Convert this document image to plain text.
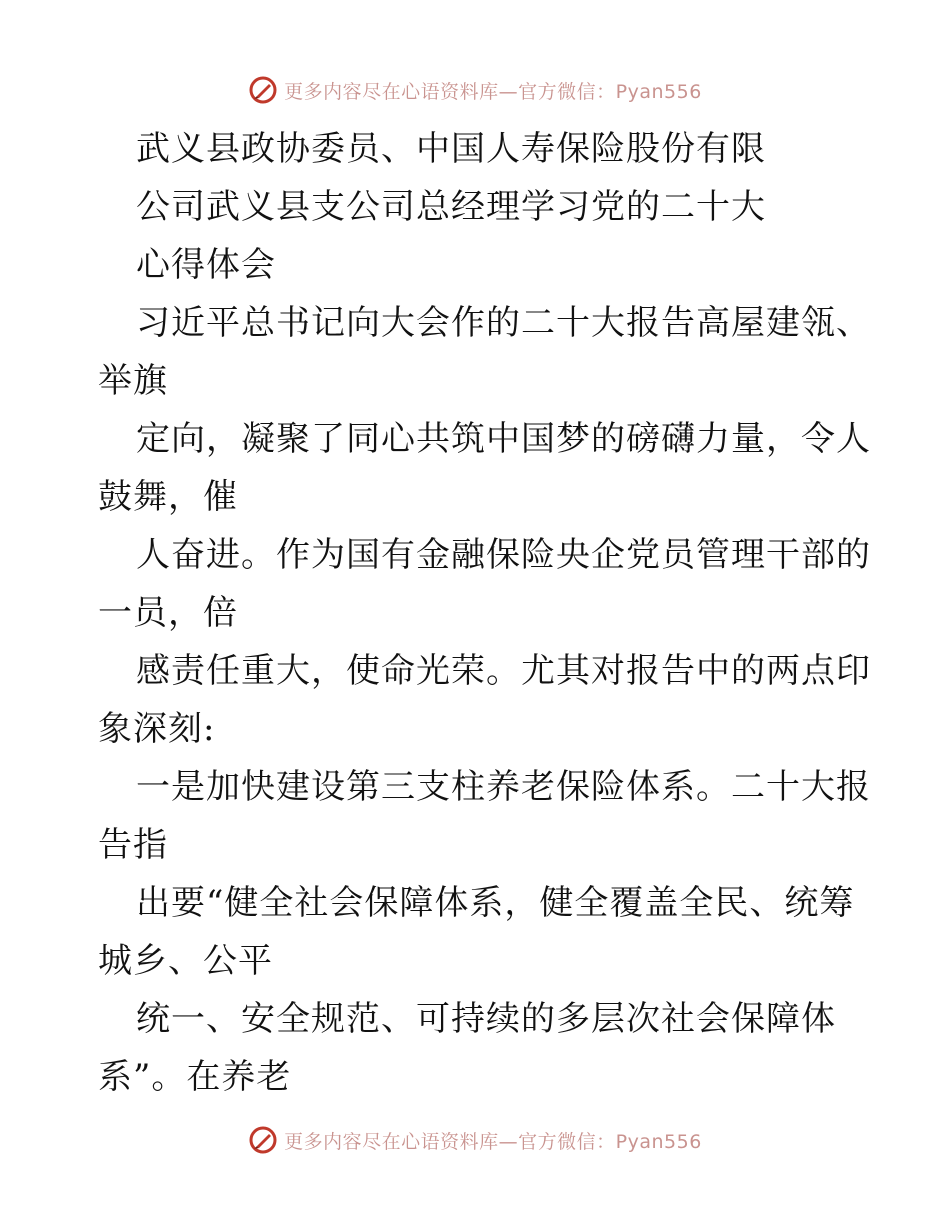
更多内容尽在心语资料库—官方微信：Pyan556
武义县政协委员、中国人寿保险股份有限
公司武义县支公司总经理学习党的二十大
心得体会
习近平总书记向大会作的二十大报告高屋建瓴、
举旗
定向，凝聚了同心共筑中国梦的磅礴力量，令人
鼓舞，催
人奋进。作为国有金融保险央企党员管理干部的
一员，倍
感责任重大，使命光荣。尤其对报告中的两点印
象深刻:
一是加快建设第三支柱养老保险体系。二十大报
告指
出要“健全社会保障体系，健全覆盖全民、统筹
城乡、公平
统一、安全规范、可持续的多层次社会保障体
系”。在养老
更多内容尽在心语资料库—官方微信：Pyan556
